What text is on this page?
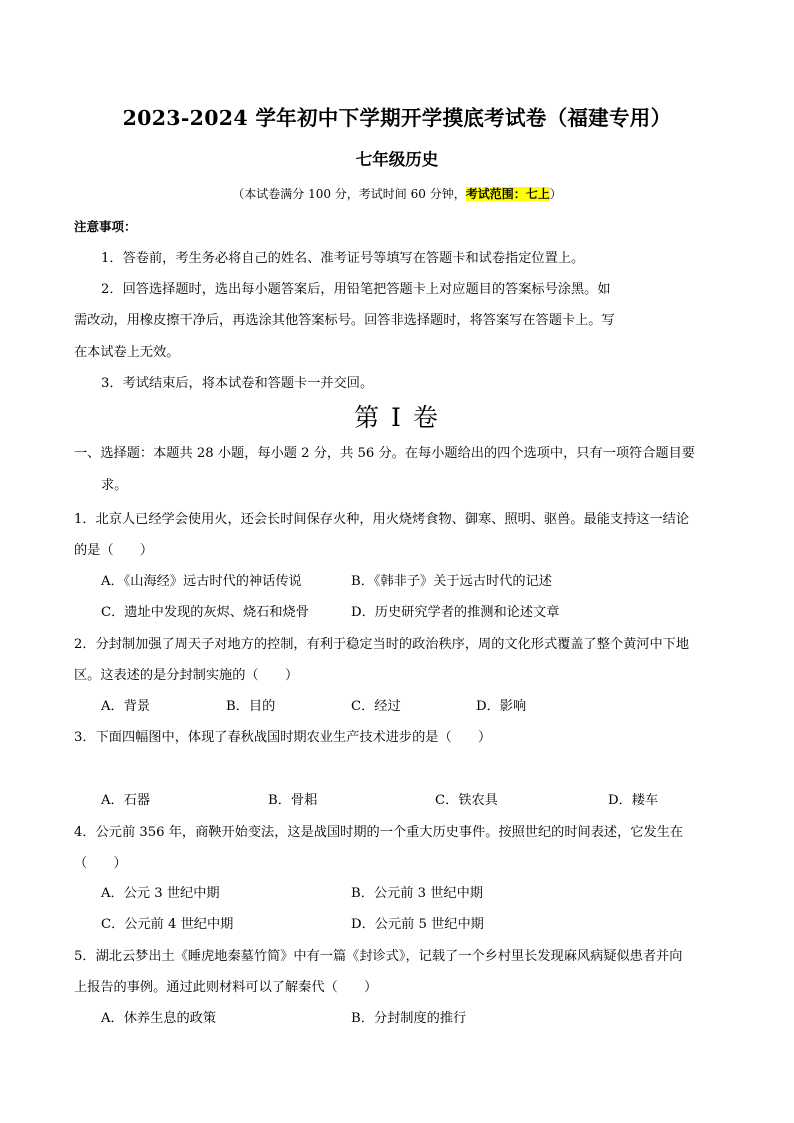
2023-2024 学年初中下学期开学摸底考试卷（福建专用）
七年级历史
（本试卷满分 100 分，考试时间 60 分钟，考试范围：七上）
注意事项：
1．答卷前，考生务必将自己的姓名、准考证号等填写在答题卡和试卷指定位置上。
2．回答选择题时，选出每小题答案后，用铅笔把答题卡上对应题目的答案标号涂黑。如
需改动，用橡皮擦干净后，再选涂其他答案标号。回答非选择题时，将答案写在答题卡上。写
在本试卷上无效。
3．考试结束后，将本试卷和答题卡一并交回。
第 I 卷
一、选择题：本题共 28 小题，每小题 2 分，共 56 分。在每小题给出的四个选项中，只有一项符合题目要
求。
1．北京人已经学会使用火，还会长时间保存火种，用火烧烤食物、御寒、照明、驱兽。最能支持这一结论
的是（　　）
A．《山海经》远古时代的神话传说	B．《韩非子》关于远古时代的记述
C．遗址中发现的灰烬、烧石和烧骨	D．历史研究学者的推测和论述文章
2．分封制加强了周天子对地方的控制，有利于稳定当时的政治秩序，周的文化形式覆盖了整个黄河中下地
区。这表述的是分封制实施的（　　）
A．背景	B．目的	C．经过	D．影响
3．下面四幅图中，体现了春秋战国时期农业生产技术进步的是（　　）
A．石器	B．骨耜	C．铁农具	D．耧车
4．公元前 356 年，商鞅开始变法，这是战国时期的一个重大历史事件。按照世纪的时间表述，它发生在
（　　）
A．公元 3 世纪中期	B．公元前 3 世纪中期
C．公元前 4 世纪中期	D．公元前 5 世纪中期
5．湖北云梦出土《睡虎地秦墓竹简》中有一篇《封诊式》，记载了一个乡村里长发现麻风病疑似患者并向
上报告的事例。通过此则材料可以了解秦代（　　）
A．休养生息的政策	B．分封制度的推行
